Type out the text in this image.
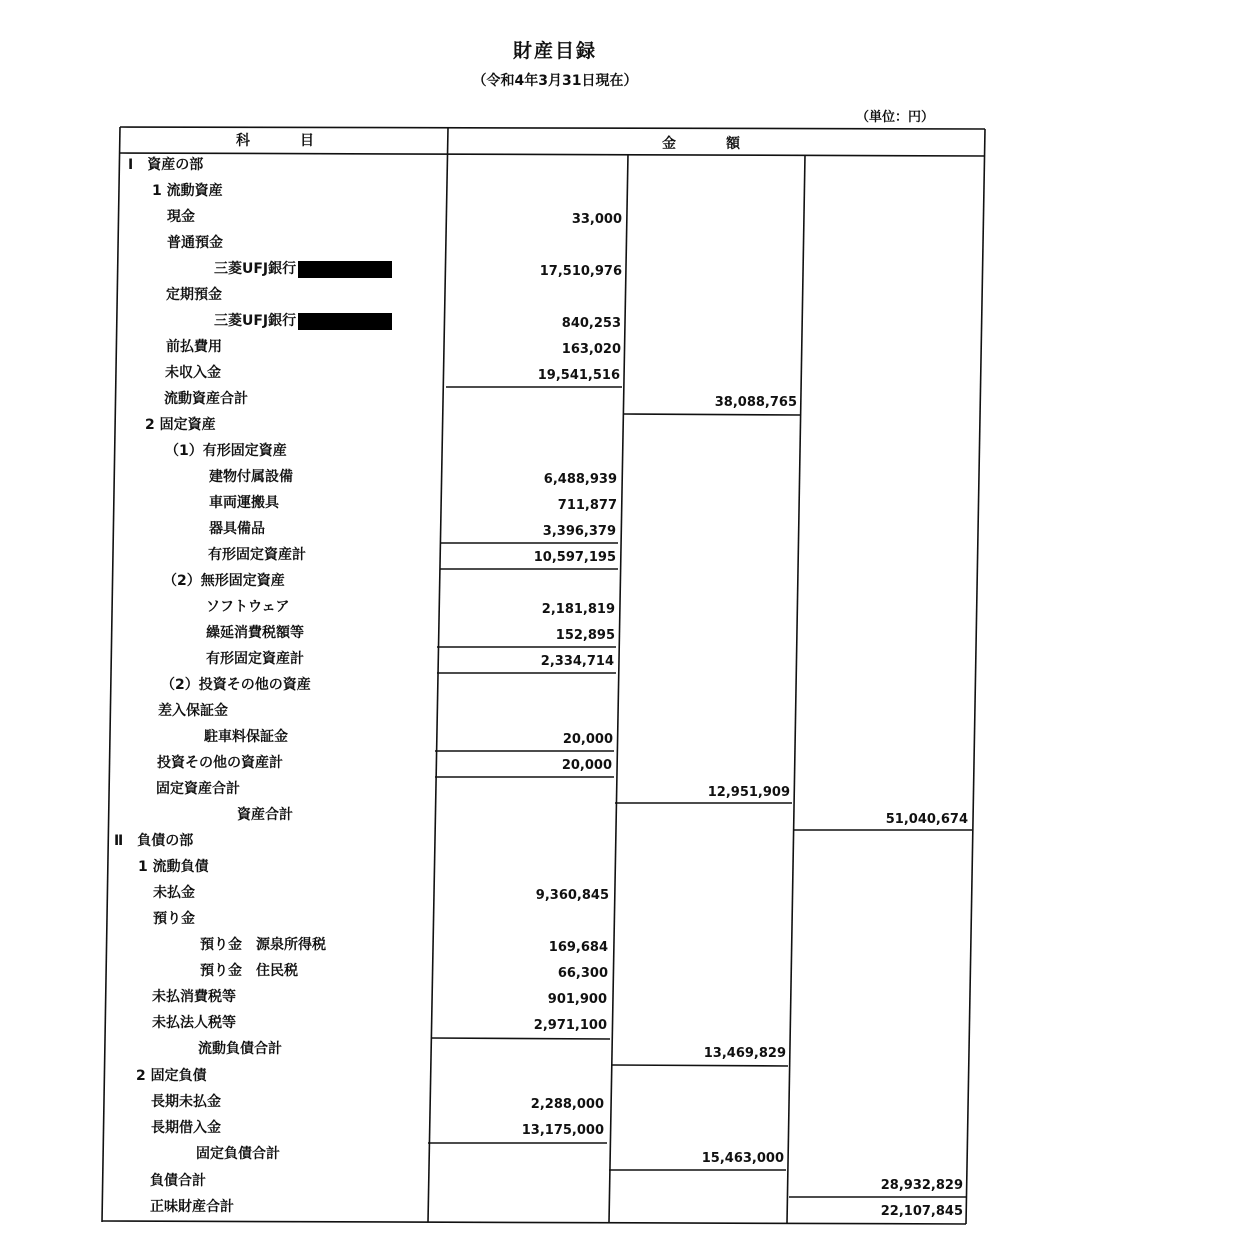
財産目録
（令和4年3月31日現在）
（単位：円）
科　　　目	金　　　額
Ⅰ　資産の部
1 流動資産
現金	33,000
普通預金
三菱UFJ銀行	17,510,976
定期預金
三菱UFJ銀行	840,253
前払費用	163,020
未収入金	19,541,516
流動資産合計	38,088,765
2 固定資産
（1）有形固定資産
建物付属設備	6,488,939
車両運搬具	711,877
器具備品	3,396,379
有形固定資産計	10,597,195
（2）無形固定資産
ソフトウェア	2,181,819
繰延消費税額等	152,895
有形固定資産計	2,334,714
（2）投資その他の資産
差入保証金
駐車料保証金	20,000
投資その他の資産計	20,000
固定資産合計	12,951,909
資産合計	51,040,674
Ⅱ　負債の部
1 流動負債
未払金	9,360,845
預り金
預り金　源泉所得税	169,684
預り金　住民税	66,300
未払消費税等	901,900
未払法人税等	2,971,100
流動負債合計	13,469,829
2 固定負債
長期未払金	2,288,000
長期借入金	13,175,000
固定負債合計	15,463,000
負債合計	28,932,829
正味財産合計	22,107,845
